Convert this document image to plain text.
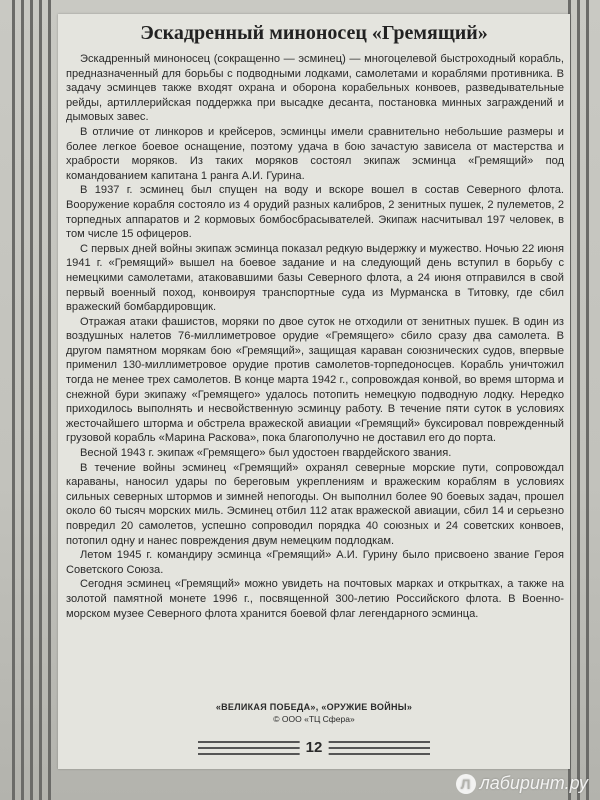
Эскадренный миноносец «Гремящий»

Эскадренный миноносец (сокращенно — эсминец) — многоцелевой быстроходный корабль, предназначенный для борьбы с подводными лодками, самолетами и кораблями противника. В задачу эсминцев также входят охрана и оборона корабельных конвоев, разведывательные рейды, артиллерийская поддержка при высадке десанта, постановка минных заграждений и дымовых завес.

В отличие от линкоров и крейсеров, эсминцы имели сравнительно небольшие размеры и более легкое боевое оснащение, поэтому удача в бою зачастую зависела от мастерства и храбрости моряков. Из таких моряков состоял экипаж эсминца «Гремящий» под командованием капитана 1 ранга А.И. Гурина.

В 1937 г. эсминец был спущен на воду и вскоре вошел в состав Северного флота. Вооружение корабля состояло из 4 орудий разных калибров, 2 зенитных пушек, 2 пулеметов, 2 торпедных аппаратов и 2 кормовых бомбосбрасывателей. Экипаж насчитывал 197 человек, в том числе 15 офицеров.

С первых дней войны экипаж эсминца показал редкую выдержку и мужество. Ночью 22 июня 1941 г. «Гремящий» вышел на боевое задание и на следующий день вступил в борьбу с немецкими самолетами, атаковавшими базы Северного флота, а 24 июня отправился в свой первый военный поход, конвоируя транспортные суда из Мурманска в Титовку, где сбил вражеский бомбардировщик.

Отражая атаки фашистов, моряки по двое суток не отходили от зенитных пушек. В один из воздушных налетов 76-миллиметровое орудие «Гремящего» сбило сразу два самолета. В другом памятном морякам бою «Гремящий», защищая караван союзнических судов, впервые применил 130-миллиметровое орудие против самолетов-торпедоносцев. Корабль уничтожил тогда не менее трех самолетов. В конце марта 1942 г., сопровождая конвой, во время шторма и снежной бури экипажу «Гремящего» удалось потопить немецкую подводную лодку. Нередко приходилось выполнять и несвойственную эсминцу работу. В течение пяти суток в условиях жесточайшего шторма и обстрела вражеской авиации «Гремящий» буксировал поврежденный грузовой корабль «Марина Раскова», пока благополучно не доставил его до порта.

Весной 1943 г. экипаж «Гремящего» был удостоен гвардейского звания.

В течение войны эсминец «Гремящий» охранял северные морские пути, сопровождал караваны, наносил удары по береговым укреплениям и вражеским кораблям в условиях сильных северных штормов и зимней непогоды. Он выполнил более 90 боевых задач, прошел около 60 тысяч морских миль. Эсминец отбил 112 атак вражеской авиации, сбил 14 и серьезно повредил 20 самолетов, успешно сопроводил порядка 40 союзных и 24 советских конвоев, потопил одну и нанес повреждения двум немецким подлодкам.

Летом 1945 г. командиру эсминца «Гремящий» А.И. Гурину было присвоено звание Героя Советского Союза.

Сегодня эсминец «Гремящий» можно увидеть на почтовых марках и открытках, а также на золотой памятной монете 1996 г., посвященной 300-летию Российского флота. В Военно-морском музее Северного флота хранится боевой флаг легендарного эсминца.

«ВЕЛИКАЯ ПОБЕДА», «ОРУЖИЕ ВОЙНЫ»
© ООО «ТЦ Сфера»
12
Л лабиринт.ру
